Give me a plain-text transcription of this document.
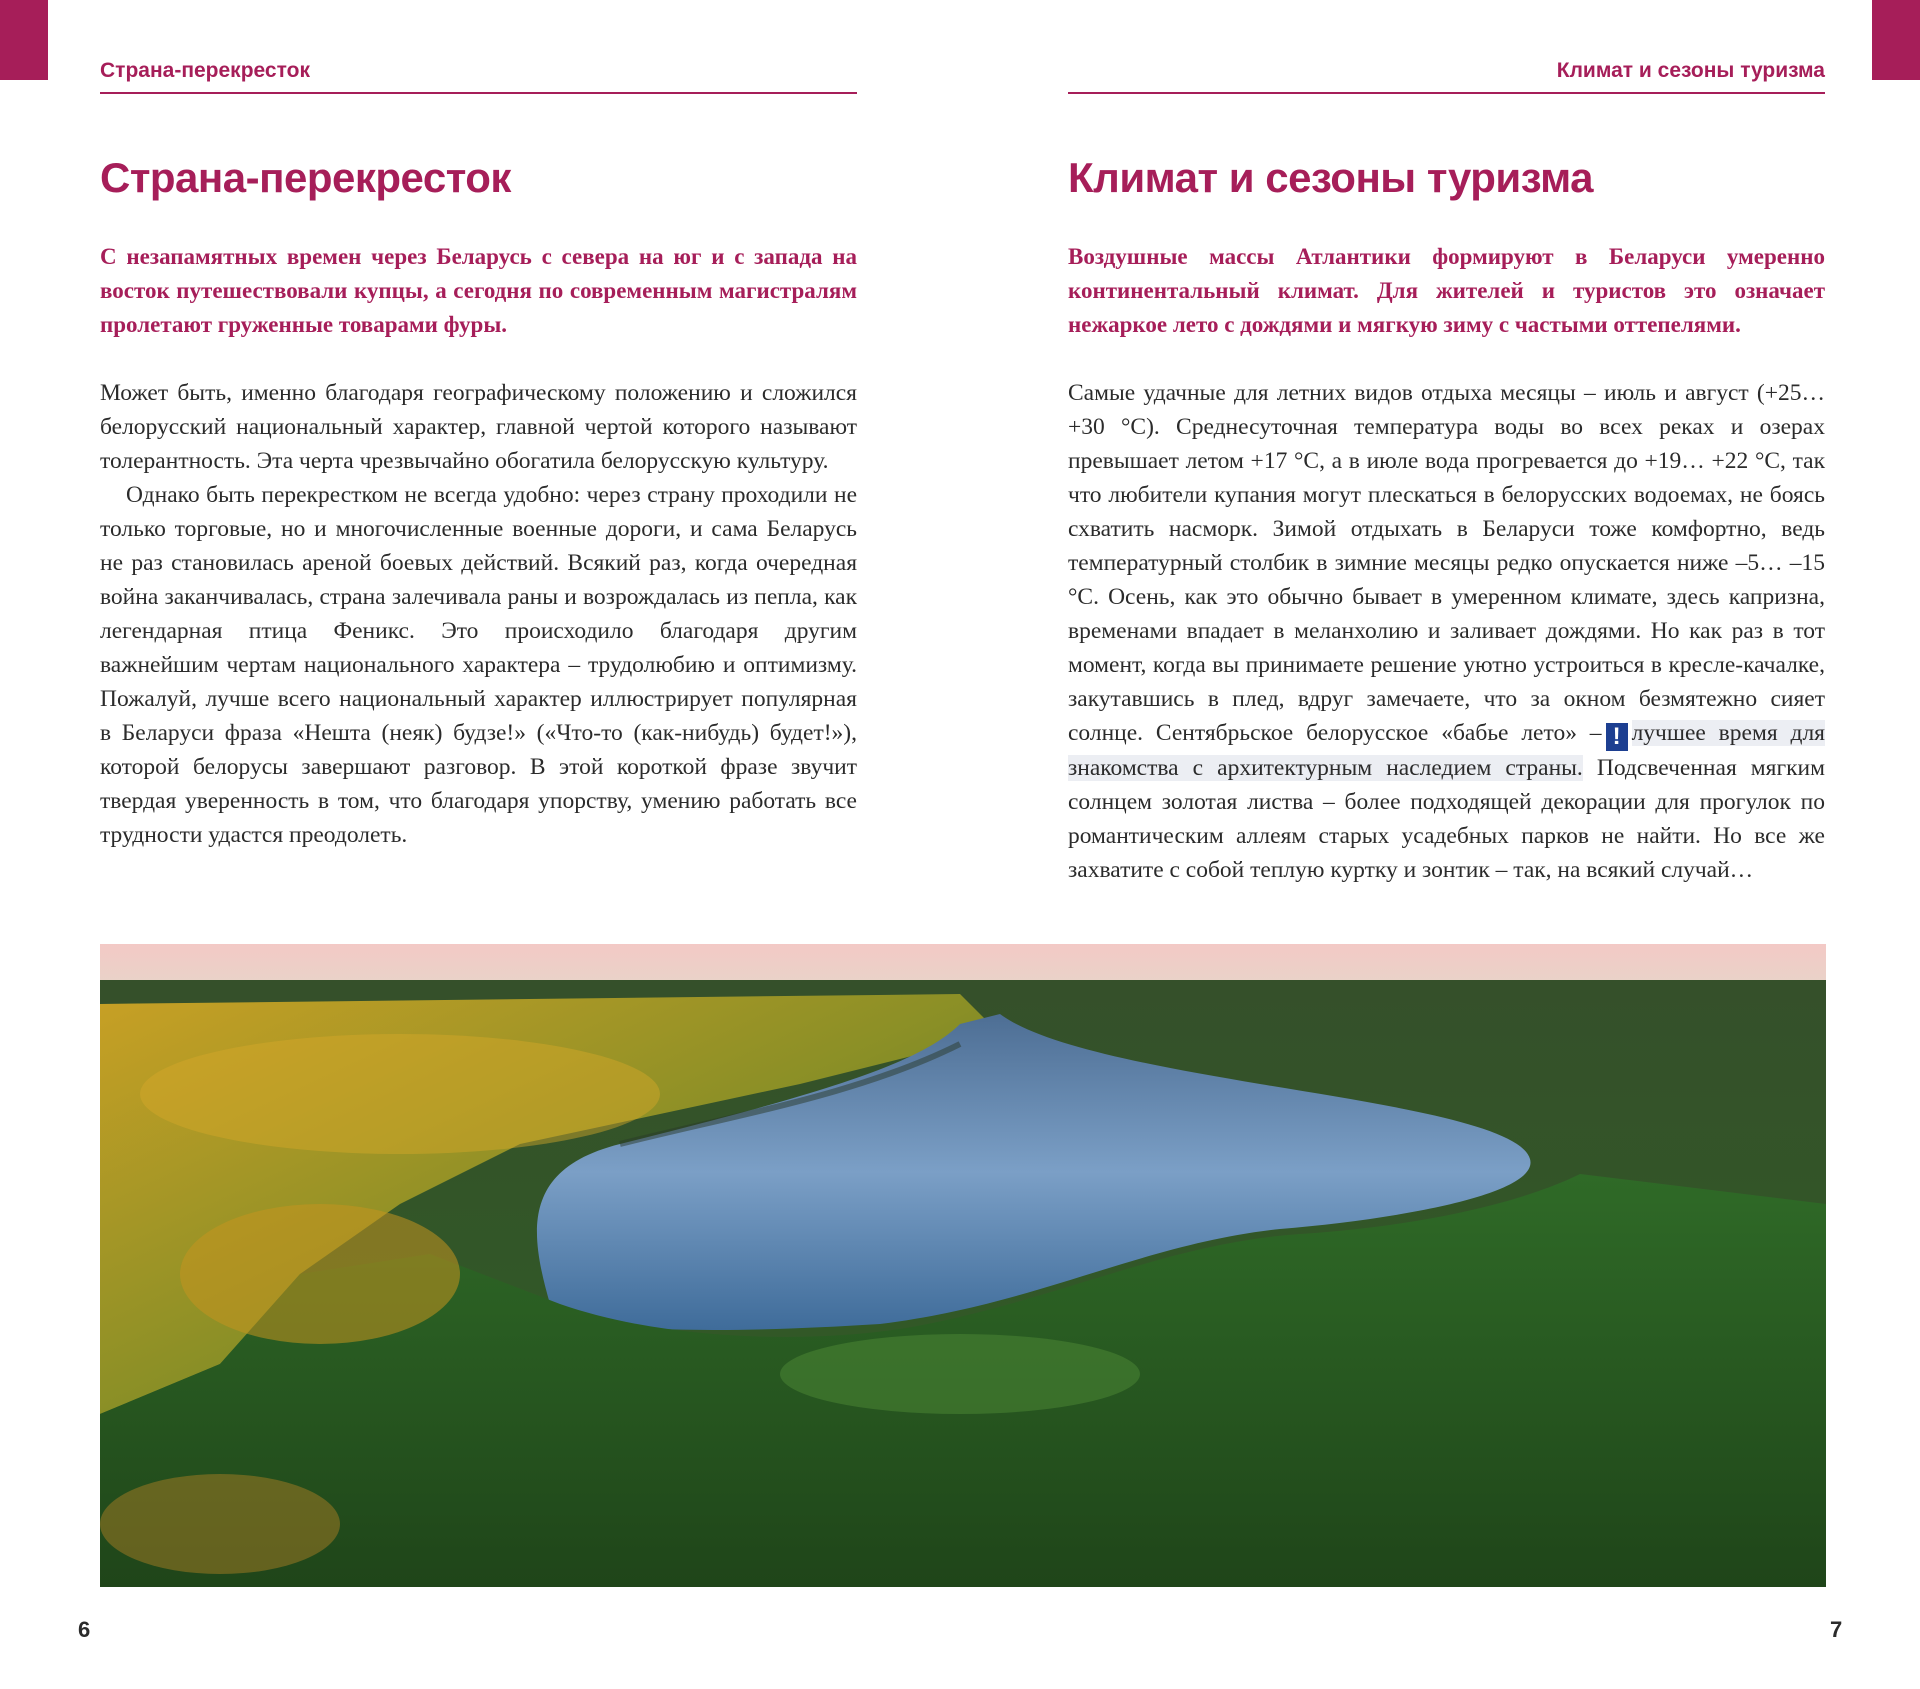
Страна-перекресток	Климат и сезоны туризма
Страна-перекресток	Климат и сезоны туризма

С незапамятных времен через Беларусь с севера на юг и с запада на восток путешествовали купцы, а сегодня по современным магистралям пролетают груженные товарами фуры.

Воздушные массы Атлантики формируют в Беларуси умеренно континентальный климат. Для жителей и туристов это означает нежаркое лето с дождями и мягкую зиму с частыми оттепелями.

Может быть, именно благодаря географическому положению и сложился белорусский национальный характер, главной чертой которого называют толерантность. Эта черта чрезвычайно обогатила белорусскую культуру.

Однако быть перекрестком не всегда удобно: через страну проходили не только торговые, но и многочисленные военные дороги, и сама Беларусь не раз становилась ареной боевых действий. Всякий раз, когда очередная война заканчивалась, страна залечивала раны и возрождалась из пепла, как легендарная птица Феникс. Это происходило благодаря другим важнейшим чертам национального характера – трудолюбию и оптимизму. Пожалуй, лучше всего национальный характер иллюстрирует популярная в Беларуси фраза «Нешта (неяк) будзе!» («Что-то (как-нибудь) будет!»), которой белорусы завершают разговор. В этой короткой фразе звучит твердая уверенность в том, что благодаря упорству, умению работать все трудности удастся преодолеть.

Самые удачные для летних видов отдыха месяцы – июль и август (+25… +30 °C). Среднесуточная температура воды во всех реках и озерах превышает летом +17 °C, а в июле вода прогревается до +19… +22 °C, так что любители купания могут плескаться в белорусских водоемах, не боясь схватить насморк. Зимой отдыхать в Беларуси тоже комфортно, ведь температурный столбик в зимние месяцы редко опускается ниже –5… –15 °C. Осень, как это обычно бывает в умеренном климате, здесь капризна, временами впадает в меланхолию и заливает дождями. Но как раз в тот момент, когда вы принимаете решение уютно устроиться в кресле-качалке, закутавшись в плед, вдруг замечаете, что за окном безмятежно сияет солнце. Сентябрьское белорусское «бабье лето» – ! лучшее время для знакомства с архитектурным наследием страны. Подсвеченная мягким солнцем золотая листва – более подходящей декорации для прогулок по романтическим аллеям старых усадебных парков не найти. Но все же захватите с собой теплую куртку и зонтик – так, на всякий случай…

6	7
